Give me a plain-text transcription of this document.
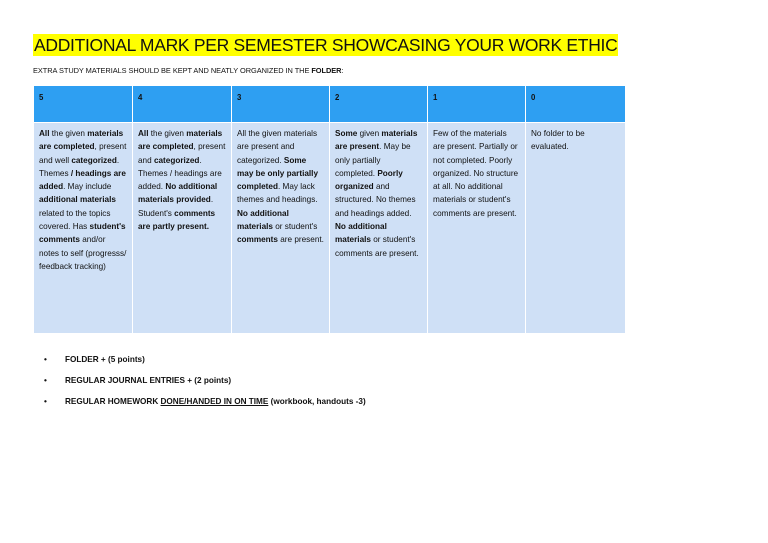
ADDITIONAL MARK PER SEMESTER SHOWCASING YOUR WORK ETHIC
EXTRA STUDY MATERIALS SHOULD BE KEPT AND NEATLY ORGANIZED IN THE FOLDER:
5	4	3	2	1	0
All the given materials are completed, present and well categorized. Themes / headings are added. May include additional materials related to the topics covered. Has student's comments and/or notes to self (progresss/ feedback tracking)	All the given materials are completed, present and categorized. Themes / headings are added. No additional materials provided. Student's comments are partly present.	All the given materials are present and categorized. Some may be only partially completed. May lack themes and headings. No additional materials or student's comments are present.	Some given materials are present. May be only partially completed. Poorly organized and structured. No themes and headings added. No additional materials or student's comments are present.	Few of the materials are present. Partially or not completed. Poorly organized. No structure at all. No additional materials or student's comments are present.	No folder to be evaluated.
• FOLDER + (5 points)
• REGULAR JOURNAL ENTRIES + (2 points)
• REGULAR HOMEWORK DONE/HANDED IN ON TIME (workbook, handouts -3)
